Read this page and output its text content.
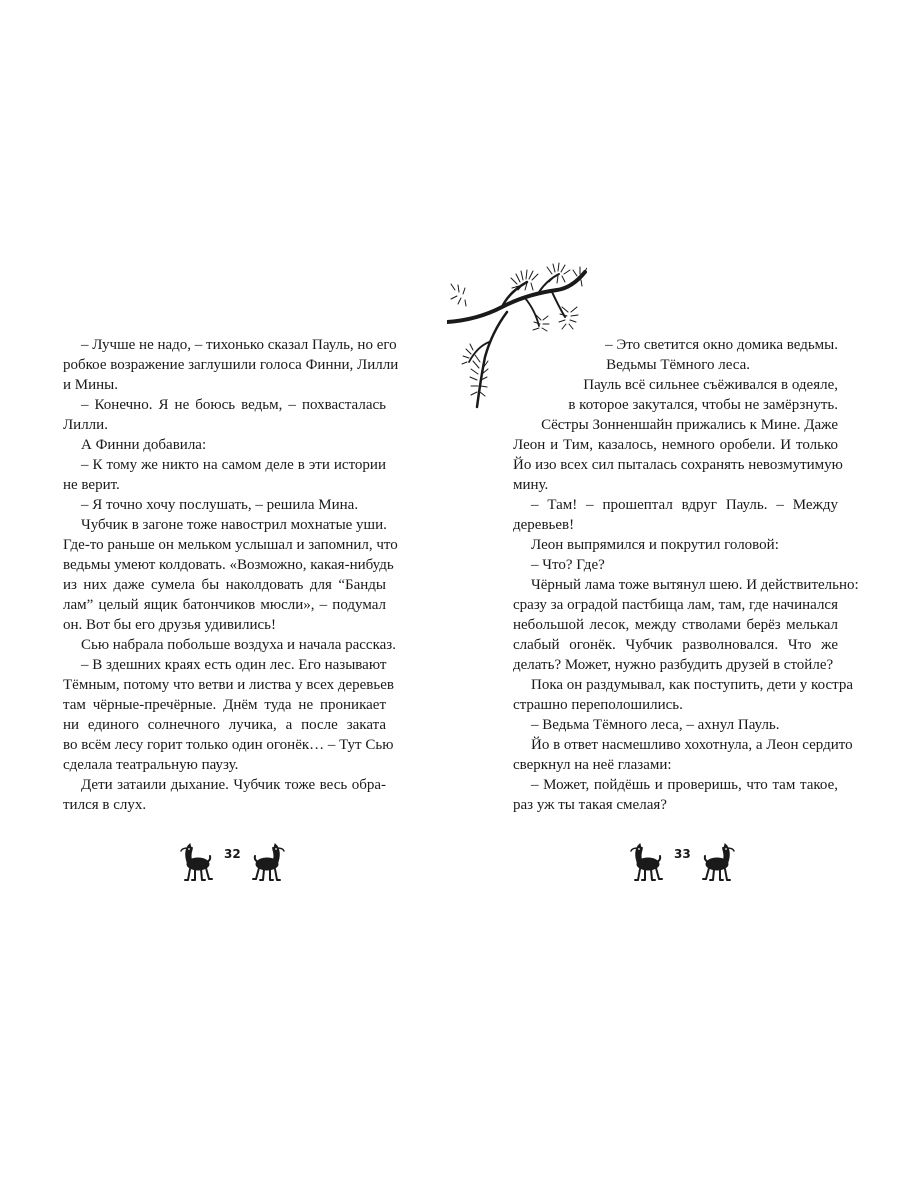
– Лучше не надо, – тихонько сказал Пауль, но его
робкое возражение заглушили голоса Финни, Лилли
и Мины.
– Конечно. Я не боюсь ведьм, – похвасталась
Лилли.
А Финни добавила:
– К тому же никто на самом деле в эти истории
не верит.
– Я точно хочу послушать, – решила Мина.
Чубчик в загоне тоже навострил мохнатые уши.
Где-то раньше он мельком услышал и запомнил, что
ведьмы умеют колдовать. «Возможно, какая-нибудь
из них даже сумела бы наколдовать для “Банды
лам” целый ящик батончиков мюсли», – подумал
он. Вот бы его друзья удивились!
Сью набрала побольше воздуха и начала рассказ.
– В здешних краях есть один лес. Его называют
Тёмным, потому что ветви и листва у всех деревьев
там чёрные-пречёрные. Днём туда не проникает
ни единого солнечного лучика, а после заката
во всём лесу горит только один огонёк… – Тут Сью
сделала театральную паузу.
Дети затаили дыхание. Чубчик тоже весь обра-
тился в слух.
32	33
– Это светится окно домика ведьмы.
Ведьмы Тёмного леса.
Пауль всё сильнее съёживался в одеяле,
в которое закутался, чтобы не замёрзнуть.
Сёстры Зонненшайн прижались к Мине. Даже
Леон и Тим, казалось, немного оробели. И только
Йо изо всех сил пыталась сохранять невозмутимую
мину.
– Там! – прошептал вдруг Пауль. – Между
деревьев!
Леон выпрямился и покрутил головой:
– Что? Где?
Чёрный лама тоже вытянул шею. И действительно:
сразу за оградой пастбища лам, там, где начинался
небольшой лесок, между стволами берёз мелькал
слабый огонёк. Чубчик разволновался. Что же
делать? Может, нужно разбудить друзей в стойле?
Пока он раздумывал, как поступить, дети у костра
страшно переполошились.
– Ведьма Тёмного леса, – ахнул Пауль.
Йо в ответ насмешливо хохотнула, а Леон сердито
сверкнул на неё глазами:
– Может, пойдёшь и проверишь, что там такое,
раз уж ты такая смелая?
